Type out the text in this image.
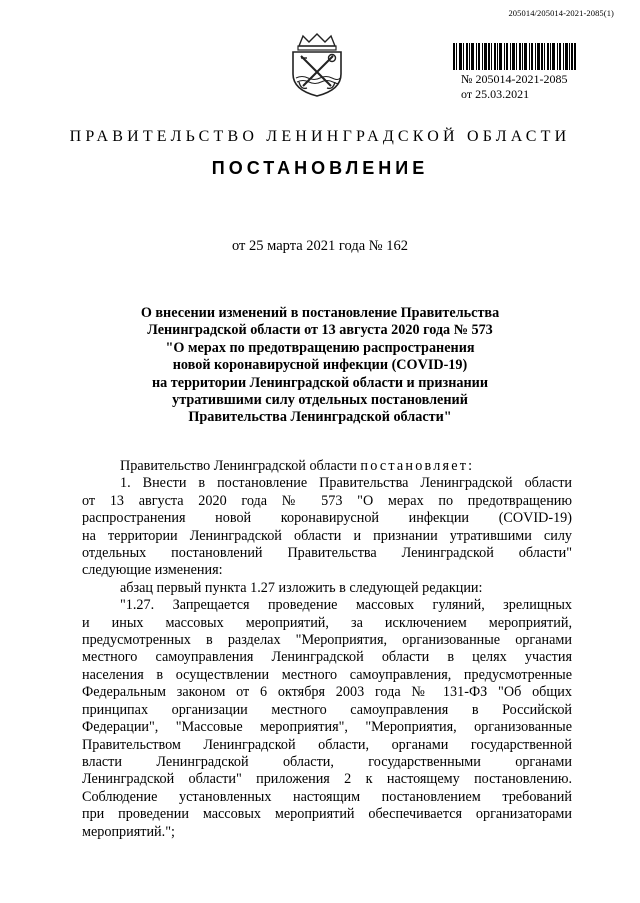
205014/205014-2021-2085(1)
№ 205014-2021-2085
от 25.03.2021
ПРАВИТЕЛЬСТВО ЛЕНИНГРАДСКОЙ ОБЛАСТИ
ПОСТАНОВЛЕНИЕ
от 25 марта 2021 года № 162
О внесении изменений в постановление Правительства
Ленинградской области от 13 августа 2020 года № 573
"О мерах по предотвращению распространения
новой коронавирусной инфекции (COVID-19)
на территории Ленинградской области и признании
утратившими силу отдельных постановлений
Правительства Ленинградской области"
Правительство Ленинградской области постановляет:
1. Внести в постановление Правительства Ленинградской области
от 13 августа 2020 года № 573 "О мерах по предотвращению
распространения новой коронавирусной инфекции (COVID-19)
на территории Ленинградской области и признании утратившими силу
отдельных постановлений Правительства Ленинградской области"
следующие изменения:
абзац первый пункта 1.27 изложить в следующей редакции:
"1.27. Запрещается проведение массовых гуляний, зрелищных
и иных массовых мероприятий, за исключением мероприятий,
предусмотренных в разделах "Мероприятия, организованные органами
местного самоуправления Ленинградской области в целях участия
населения в осуществлении местного самоуправления, предусмотренные
Федеральным законом от 6 октября 2003 года № 131-ФЗ "Об общих
принципах организации местного самоуправления в Российской
Федерации", "Массовые мероприятия", "Мероприятия, организованные
Правительством Ленинградской области, органами государственной
власти Ленинградской области, государственными органами
Ленинградской области" приложения 2 к настоящему постановлению.
Соблюдение установленных настоящим постановлением требований
при проведении массовых мероприятий обеспечивается организаторами
мероприятий.";
